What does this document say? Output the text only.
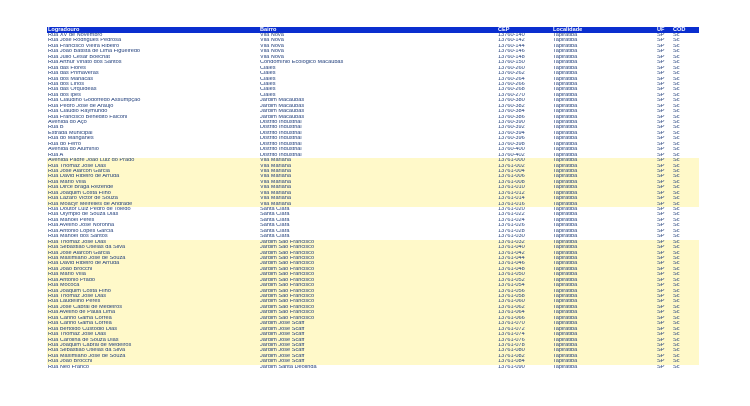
Logradouro	Bairro	CEP	Localidade	UF	COD
Rua XV de Novembro	Vila Nova	13760-140	Tapiratiba	SP	Sc
Rua José Rodrigues Pedrosa	Vila Nova	13760-142	Tapiratiba	SP	Sc
Rua Francisco Vieira Ribeiro	Vila Nova	13760-144	Tapiratiba	SP	Sc
Rua João Batista de Lima Figueiredo	Vila Nova	13760-146	Tapiratiba	SP	Sc
Rua Júlio César Boechat	Vila Nova	13760-148	Tapiratiba	SP	Sc
Rua Arthur Viriato dos Santos	Condomínio Ecológico Macaúbas	13760-150	Tapiratiba	SP	Sc
Rua das Flores	Ciales	13760-260	Tapiratiba	SP	Sc
Rua das Primaveras	Ciales	13760-262	Tapiratiba	SP	Sc
Rua dos Manacás	Ciales	13760-264	Tapiratiba	SP	Sc
Rua dos Lírios	Ciales	13760-266	Tapiratiba	SP	Sc
Rua das Orquídeas	Ciales	13760-268	Tapiratiba	SP	Sc
Rua dos Ipês	Ciales	13760-270	Tapiratiba	SP	Sc
Rua Claudino Godofredo Assumpção	Jardim Macaúbas	13760-380	Tapiratiba	SP	Sc
Rua Pedro José de Araújo	Jardim Macaúbas	13760-382	Tapiratiba	SP	Sc
Rua Cláudio Raymundo	Jardim Macaúbas	13760-384	Tapiratiba	SP	Sc
Rua Francisco Benedito Falconi	Jardim Macaúbas	13760-386	Tapiratiba	SP	Sc
Avenida do Aço	Distrito Industrial	13760-390	Tapiratiba	SP	Sc
Rua B	Distrito Industrial	13760-392	Tapiratiba	SP	Sc
Estrada Municipal	Distrito Industrial	13760-394	Tapiratiba	SP	Sc
Rua do Manganês	Distrito Industrial	13760-396	Tapiratiba	SP	Sc
Rua do Ferro	Distrito Industrial	13760-398	Tapiratiba	SP	Sc
Avenida do Alumínio	Distrito Industrial	13760-400	Tapiratiba	SP	Sc
Rua A	Distrito Industrial	13760-402	Tapiratiba	SP	Sc
Avenida Padre João Luiz do Prado	Vila Mariana	13761-000	Tapiratiba	SP	Sc
Rua Thomaz José Dias	Vila Mariana	13761-002	Tapiratiba	SP	Sc
Rua José Alarcon Garcia	Vila Mariana	13761-004	Tapiratiba	SP	Sc
Rua David Ribeiro de Arruda	Vila Mariana	13761-006	Tapiratiba	SP	Sc
Rua Mário Villa	Vila Mariana	13761-008	Tapiratiba	SP	Sc
Rua Dirce Braga Rezende	Vila Mariana	13761-010	Tapiratiba	SP	Sc
Rua Joaquim Costa Filho	Vila Mariana	13761-012	Tapiratiba	SP	Sc
Rua Lázaro Victor de Souza	Vila Mariana	13761-014	Tapiratiba	SP	Sc
Rua Moacyr Meirelles de Andrade	Vila Mariana	13761-016	Tapiratiba	SP	Sc
Rua Doutor Luiz Pedro de Toledo	Santa Clara	13761-020	Tapiratiba	SP	Sc
Rua Olympio de Souza Dias	Santa Clara	13761-022	Tapiratiba	SP	Sc
Rua Manoel Peres	Santa Clara	13761-024	Tapiratiba	SP	Sc
Rua Avelino José Noronha	Santa Clara	13761-026	Tapiratiba	SP	Sc
Rua Antonio Lopes Garcia	Santa Clara	13761-028	Tapiratiba	SP	Sc
Rua Manoel dos Santos	Santa Clara	13761-030	Tapiratiba	SP	Sc
Rua Thomaz José Dias	Jardim São Francisco	13761-032	Tapiratiba	SP	Sc
Rua Sebastião Oseias da Silva	Jardim São Francisco	13761-040	Tapiratiba	SP	Sc
Rua José Alarcon Garcia	Jardim São Francisco	13761-042	Tapiratiba	SP	Sc
Rua Maximiano José de Souza	Jardim São Francisco	13761-044	Tapiratiba	SP	Sc
Rua David Ribeiro de Arruda	Jardim São Francisco	13761-046	Tapiratiba	SP	Sc
Rua João Brocchi	Jardim São Francisco	13761-048	Tapiratiba	SP	Sc
Rua Mário Villa	Jardim São Francisco	13761-050	Tapiratiba	SP	Sc
Rua Antonio Prado	Jardim São Francisco	13761-052	Tapiratiba	SP	Sc
Rua Mococa	Jardim São Francisco	13761-054	Tapiratiba	SP	Sc
Rua Joaquim Costa Filho	Jardim São Francisco	13761-056	Tapiratiba	SP	Sc
Rua Thomaz José Dias	Jardim São Francisco	13761-058	Tapiratiba	SP	Sc
Rua Laudelino Peres	Jardim São Francisco	13761-060	Tapiratiba	SP	Sc
Rua José Cabral de Medeiros	Jardim São Francisco	13761-062	Tapiratiba	SP	Sc
Rua Avelino de Paula Lima	Jardim São Francisco	13761-064	Tapiratiba	SP	Sc
Rua Carino Gama Correa	Jardim São Francisco	13761-066	Tapiratiba	SP	Sc
Rua Carino Gama Correa	Jardim José Scaff	13761-070	Tapiratiba	SP	Sc
Rua Bertoldo Custódio Dias	Jardim José Scaff	13761-072	Tapiratiba	SP	Sc
Rua Thomaz José Dias	Jardim José Scaff	13761-074	Tapiratiba	SP	Sc
Rua Carolina de Souza Dias	Jardim José Scaff	13761-076	Tapiratiba	SP	Sc
Rua Joaquim Cabral de Medeiros	Jardim José Scaff	13761-078	Tapiratiba	SP	Sc
Rua Sebastião Oseias da Silva	Jardim José Scaff	13761-080	Tapiratiba	SP	Sc
Rua Maximiano José de Souza	Jardim José Scaff	13761-082	Tapiratiba	SP	Sc
Rua João Brocchi	Jardim José Scaff	13761-084	Tapiratiba	SP	Sc
Rua Neo Franco	Jardim Santa Deolinda	13761-090	Tapiratiba	SP	Sc
